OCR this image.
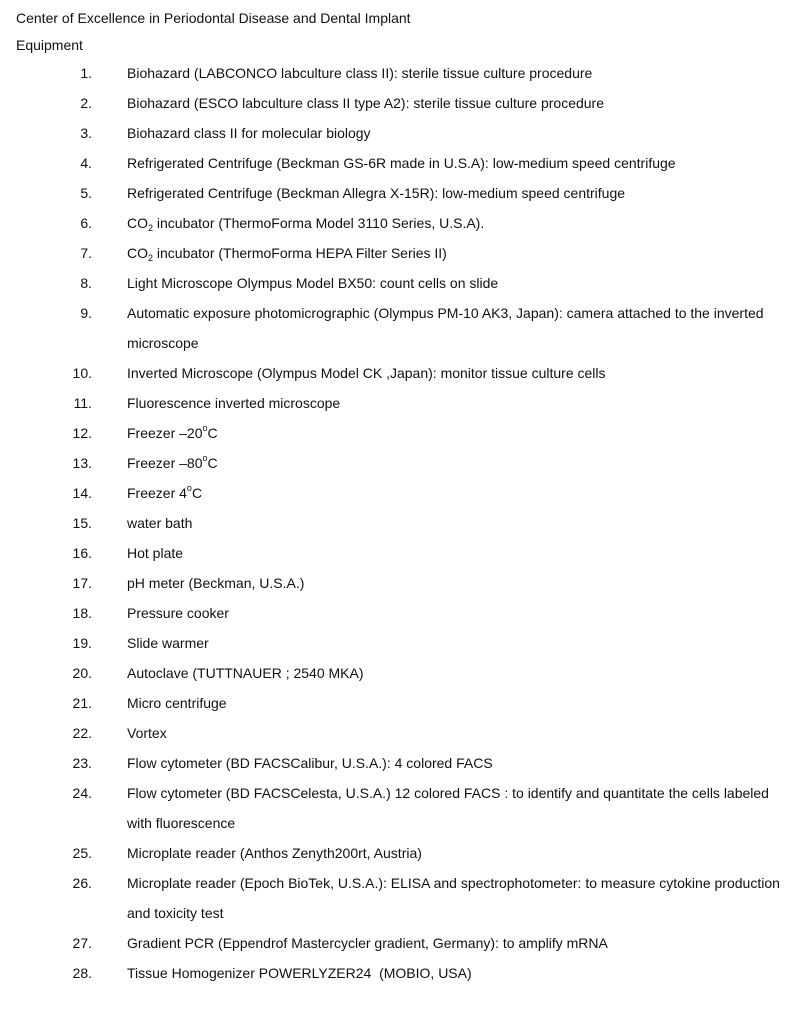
Center of Excellence in Periodontal Disease and Dental Implant
Equipment
1.	Biohazard (LABCONCO labculture class II): sterile tissue culture procedure
2.	Biohazard (ESCO labculture class II type A2): sterile tissue culture procedure
3.	Biohazard class II for molecular biology
4.	Refrigerated Centrifuge (Beckman GS-6R made in U.S.A): low-medium speed centrifuge
5.	Refrigerated Centrifuge (Beckman Allegra X-15R): low-medium speed centrifuge
6.	$CO_2$ incubator (ThermoForma Model 3110 Series, U.S.A).
7.	$CO_2$ incubator (ThermoForma HEPA Filter Series II)
8.	Light Microscope Olympus Model BX50: count cells on slide
9.	Automatic exposure photomicrographic (Olympus PM-10 AK3, Japan): camera attached to the inverted microscope
10.	Inverted Microscope (Olympus Model CK ,Japan): monitor tissue culture cells
11.	Fluorescence inverted microscope
12.	Freezer –20$^o$C
13.	Freezer –80$^o$C
14.	Freezer 4$^o$C
15.	water bath
16.	Hot plate
17.	pH meter (Beckman, U.S.A.)
18.	Pressure cooker
19.	Slide warmer
20.	Autoclave (TUTTNAUER ; 2540 MKA)
21.	Micro centrifuge
22.	Vortex
23.	Flow cytometer (BD FACSCalibur, U.S.A.): 4 colored FACS
24.	Flow cytometer (BD FACSCelesta, U.S.A.) 12 colored FACS : to identify and quantitate the cells labeled with fluorescence
25.	Microplate reader (Anthos Zenyth200rt, Austria)
26.	Microplate reader (Epoch BioTek, U.S.A.): ELISA and spectrophotometer: to measure cytokine production and toxicity test
27.	Gradient PCR (Eppendrof Mastercycler gradient, Germany): to amplify mRNA
28.	Tissue Homogenizer POWERLYZER24  (MOBIO, USA)
